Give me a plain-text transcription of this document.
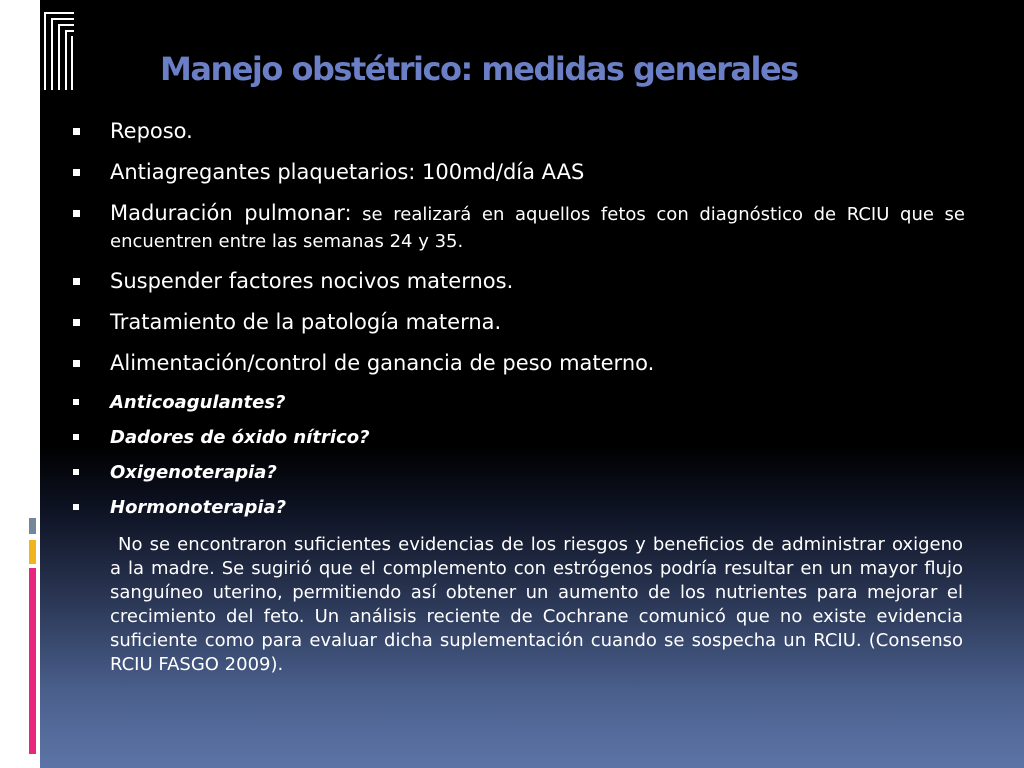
Manejo obstétrico: medidas generales
Reposo.
Antiagregantes plaquetarios: 100md/día AAS
Maduración pulmonar: se realizará en aquellos fetos con diagnóstico de RCIU que se encuentren entre las semanas 24 y 35.
Suspender factores nocivos maternos.
Tratamiento de la patología materna.
Alimentación/control de ganancia de peso materno.
Anticoagulantes?
Dadores de óxido nítrico?
Oxigenoterapia?
Hormonoterapia?

No se encontraron suficientes evidencias de los riesgos y beneficios de administrar oxigeno a la madre. Se sugirió que el complemento con estrógenos podría resultar en un mayor flujo sanguíneo uterino, permitiendo así obtener un aumento de los nutrientes para mejorar el crecimiento del feto. Un análisis reciente de Cochrane comunicó que no existe evidencia suficiente como para evaluar dicha suplementación cuando se sospecha un RCIU. (Consenso RCIU FASGO 2009).
